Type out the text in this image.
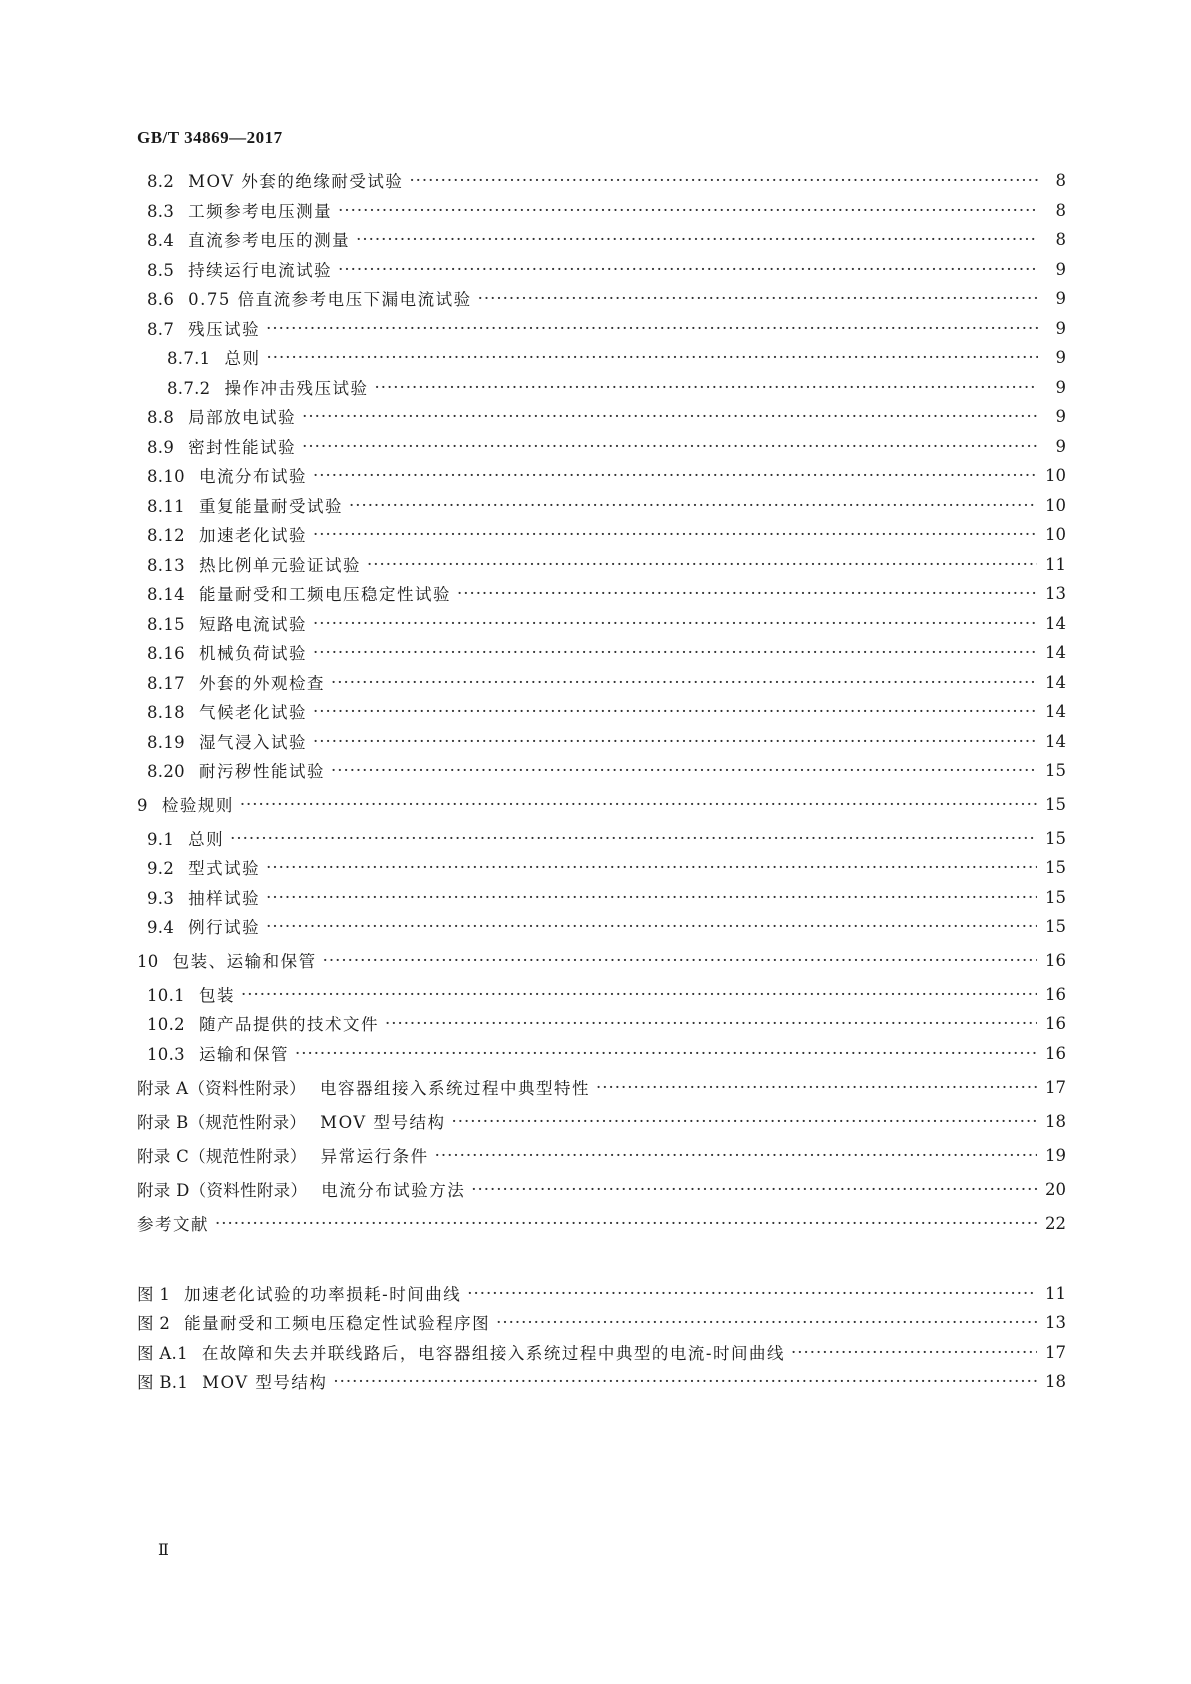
GB/T 34869—2017
8.2 MOV 外套的绝缘耐受试验 ·····	8
8.3 工频参考电压测量 ·····	8
8.4 直流参考电压的测量 ·····	8
8.5 持续运行电流试验 ·····	9
8.6 0.75 倍直流参考电压下漏电流试验 ·····	9
8.7 残压试验 ·····	9
8.7.1 总则 ·····	9
8.7.2 操作冲击残压试验 ·····	9
8.8 局部放电试验 ·····	9
8.9 密封性能试验 ·····	9
8.10 电流分布试验 ·····	10
8.11 重复能量耐受试验 ·····	10
8.12 加速老化试验 ·····	10
8.13 热比例单元验证试验 ·····	11
8.14 能量耐受和工频电压稳定性试验 ·····	13
8.15 短路电流试验 ·····	14
8.16 机械负荷试验 ·····	14
8.17 外套的外观检查 ·····	14
8.18 气候老化试验 ·····	14
8.19 湿气浸入试验 ·····	14
8.20 耐污秽性能试验 ·····	15
9 检验规则 ·····	15
9.1 总则 ·····	15
9.2 型式试验 ·····	15
9.3 抽样试验 ·····	15
9.4 例行试验 ·····	15
10 包装、运输和保管 ·····	16
10.1 包装 ·····	16
10.2 随产品提供的技术文件 ·····	16
10.3 运输和保管 ·····	16
附录 A（资料性附录） 电容器组接入系统过程中典型特性 ·····	17
附录 B（规范性附录） MOV 型号结构 ·····	18
附录 C（规范性附录） 异常运行条件 ·····	19
附录 D（资料性附录） 电流分布试验方法 ·····	20
参考文献 ·····	22
图 1 加速老化试验的功率损耗-时间曲线 ·····	11
图 2 能量耐受和工频电压稳定性试验程序图 ·····	13
图 A.1 在故障和失去并联线路后，电容器组接入系统过程中典型的电流-时间曲线 ·····	17
图 B.1 MOV 型号结构 ·····	18
Ⅱ
